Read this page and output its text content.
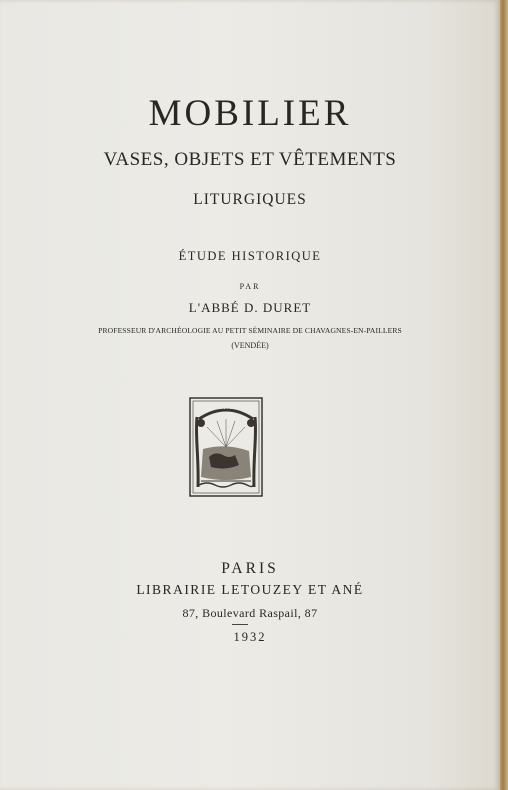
MOBILIER
VASES, OBJETS ET VÊTEMENTS
LITURGIQUES
ÉTUDE HISTORIQUE
PAR
L'ABBÉ D. DURET
PROFESSEUR D'ARCHÉOLOGIE AU PETIT SÉMINAIRE DE CHAVAGNES-EN-PAILLERS
(VENDÉE)
SOW OUT SEMAT
PARIS
LIBRAIRIE LETOUZEY ET ANÉ
87, Boulevard Raspail, 87
1932
